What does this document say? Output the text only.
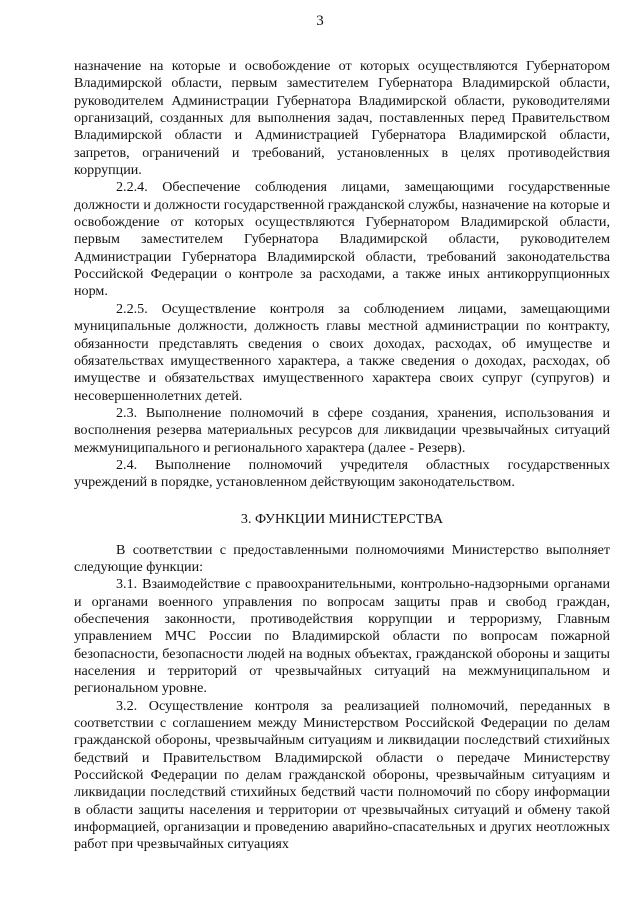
3

назначение на которые и освобождение от которых осуществляются Губернатором Владимирской области, первым заместителем Губернатора Владимирской области, руководителем Администрации Губернатора Владимирской области, руководителями организаций, созданных для выполнения задач, поставленных перед Правительством Владимирской области и Администрацией Губернатора Владимирской области, запретов, ограничений и требований, установленных в целях противодействия коррупции.

2.2.4. Обеспечение соблюдения лицами, замещающими государственные должности и должности государственной гражданской службы, назначение на которые и освобождение от которых осуществляются Губернатором Владимирской области, первым заместителем Губернатора Владимирской области, руководителем Администрации Губернатора Владимирской области, требований законодательства Российской Федерации о контроле за расходами, а также иных антикоррупционных норм.

2.2.5. Осуществление контроля за соблюдением лицами, замещающими муниципальные должности, должность главы местной администрации по контракту, обязанности представлять сведения о своих доходах, расходах, об имуществе и обязательствах имущественного характера, а также сведения о доходах, расходах, об имуществе и обязательствах имущественного характера своих супруг (супругов) и несовершеннолетних детей.

2.3. Выполнение полномочий в сфере создания, хранения, использования и восполнения резерва материальных ресурсов для ликвидации чрезвычайных ситуаций межмуниципального и регионального характера (далее - Резерв).

2.4. Выполнение полномочий учредителя областных государственных учреждений в порядке, установленном действующим законодательством.

3. ФУНКЦИИ МИНИСТЕРСТВА

В соответствии с предоставленными полномочиями Министерство выполняет следующие функции:

3.1. Взаимодействие с правоохранительными, контрольно-надзорными органами и органами военного управления по вопросам защиты прав и свобод граждан, обеспечения законности, противодействия коррупции и терроризму, Главным управлением МЧС России по Владимирской области по вопросам пожарной безопасности, безопасности людей на водных объектах, гражданской обороны и защиты населения и территорий от чрезвычайных ситуаций на межмуниципальном и региональном уровне.

3.2. Осуществление контроля за реализацией полномочий, переданных в соответствии с соглашением между Министерством Российской Федерации по делам гражданской обороны, чрезвычайным ситуациям и ликвидации последствий стихийных бедствий и Правительством Владимирской области о передаче Министерству Российской Федерации по делам гражданской обороны, чрезвычайным ситуациям и ликвидации последствий стихийных бедствий части полномочий по сбору информации в области защиты населения и территории от чрезвычайных ситуаций и обмену такой информацией, организации и проведению аварийно-спасательных и других неотложных работ при чрезвычайных ситуациях
